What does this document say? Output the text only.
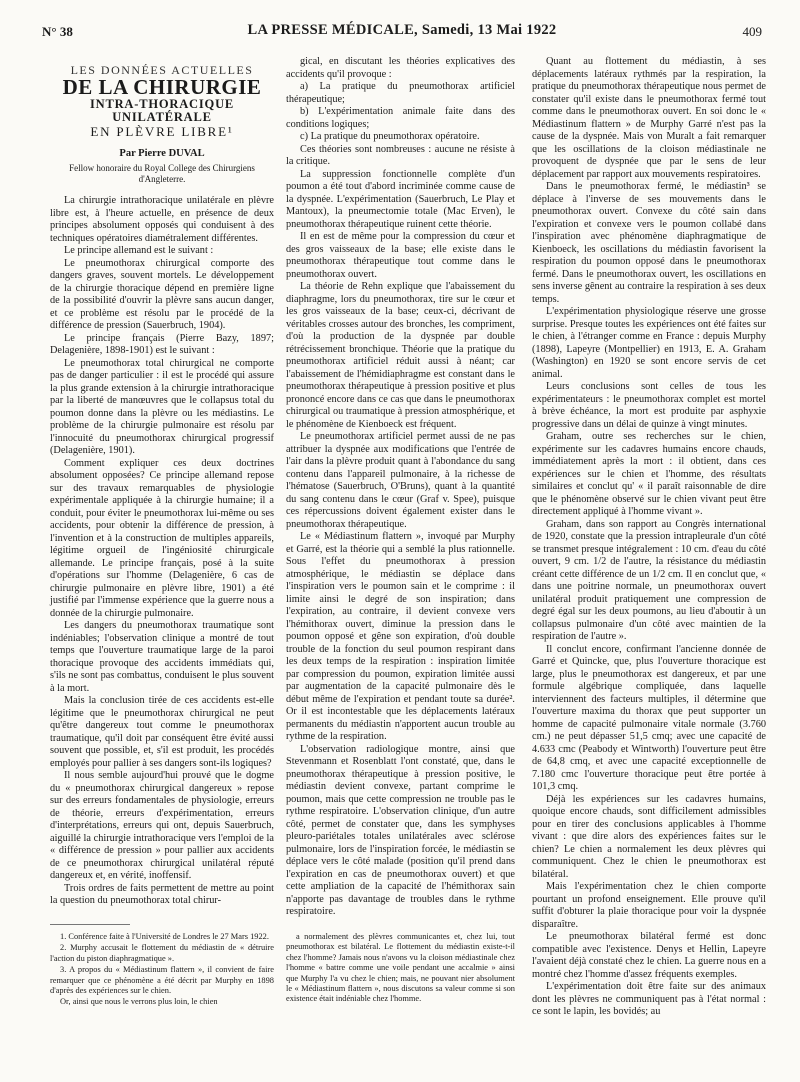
N° 38	LA PRESSE MÉDICALE, Samedi, 13 Mai 1922	409
LES DONNÉES ACTUELLES
DE LA CHIRURGIE
INTRA-THORACIQUE UNILATÉRALE
EN PLÈVRE LIBRE¹
Par Pierre DUVAL
Fellow honoraire du Royal College des Chirurgiens d'Angleterre.

La chirurgie intrathoracique unilatérale en plèvre libre est, à l'heure actuelle, en présence de deux principes absolument opposés qui conduisent à des techniques opératoires diamétralement différentes.

Le principe allemand est le suivant :

Le pneumothorax chirurgical comporte des dangers graves, souvent mortels. Le développement de la chirurgie thoracique dépend en première ligne de la possibilité d'ouvrir la plèvre sans aucun danger, et ce problème est résolu par le procédé de la différence de pression (Sauerbruch, 1904).

Le principe français (Pierre Bazy, 1897; Delagenière, 1898-1901) est le suivant :

Le pneumothorax total chirurgical ne comporte pas de danger particulier : il est le procédé qui assure la plus grande extension à la chirurgie intrathoracique par la liberté de manœuvres que le collapsus total du poumon donne dans la plèvre ou les médiastins. Le problème de la chirurgie pulmonaire est résolu par l'innocuité du pneumothorax chirurgical progressif (Delagenière, 1901).

Comment expliquer ces deux doctrines absolument opposées? Ce principe allemand repose sur des travaux remarquables de physiologie expérimentale appliquée à la chirurgie humaine; il a conduit, pour éviter le pneumothorax lui-même ou ses accidents, pour obtenir la différence de pression, à l'invention et à la construction de multiples appareils, légitime orgueil de l'ingéniosité chirurgicale allemande. Le principe français, posé à la suite d'opérations sur l'homme (Delagenière, 6 cas de chirurgie pulmonaire en plèvre libre, 1901) a été justifié par l'immense expérience que la guerre nous a donnée de la chirurgie pulmonaire.

Les dangers du pneumothorax traumatique sont indéniables; l'observation clinique a montré de tout temps que l'ouverture traumatique large de la paroi thoracique provoque des accidents immédiats qui, s'ils ne sont pas combattus, conduisent le plus souvent à la mort.

Mais la conclusion tirée de ces accidents est-elle légitime que le pneumothorax chirurgical ne peut qu'être dangereux tout comme le pneumothorax traumatique, qu'il doit par conséquent être évité aussi souvent que possible, et, s'il est produit, les procédés employés pour pallier à ses dangers sont-ils logiques?

Il nous semble aujourd'hui prouvé que le dogme du « pneumothorax chirurgical dangereux » repose sur des erreurs fondamentales de physiologie, erreurs de théorie, erreurs d'expérimentation, erreurs d'interprétations, erreurs qui ont, depuis Sauerbruch, aiguillé la chirurgie intrathoracique vers l'emploi de la « différence de pression » pour pallier aux accidents de ce pneumothorax chirurgical unilatéral réputé dangereux et, en vérité, inoffensif.

Trois ordres de faits permettent de mettre au point la question du pneumothorax total chirur-

gical, en discutant les théories explicatives des accidents qu'il provoque :

a) La pratique du pneumothorax artificiel thérapeutique;

b) L'expérimentation animale faite dans des conditions logiques;

c) La pratique du pneumothorax opératoire.

Ces théories sont nombreuses : aucune ne résiste à la critique.

La suppression fonctionnelle complète d'un poumon a été tout d'abord incriminée comme cause de la dyspnée. L'expérimentation (Sauerbruch, Le Play et Mantoux), la pneumectomie totale (Mac Erven), le pneumothorax thérapeutique ruinent cette théorie.

Il en est de même pour la compression du cœur et des gros vaisseaux de la base; elle existe dans le pneumothorax thérapeutique tout comme dans le pneumothorax ouvert.

La théorie de Rehn explique que l'abaissement du diaphragme, lors du pneumothorax, tire sur le cœur et les gros vaisseaux de la base; ceux-ci, décrivant de véritables crosses autour des bronches, les compriment, d'où la production de la dyspnée par double rétrécissement bronchique. Théorie que la pratique du pneumothorax artificiel réduit aussi à néant; car l'abaissement de l'hémidiaphragme est constant dans le pneumothorax thérapeutique à pression positive et plus prononcé encore dans ce cas que dans le pneumothorax chirurgical ou traumatique à pression atmosphérique, et le phénomène de Kienboeck est fréquent.

Le pneumothorax artificiel permet aussi de ne pas attribuer la dyspnée aux modifications que l'entrée de l'air dans la plèvre produit quant à l'abondance du sang contenu dans l'appareil pulmonaire, à la richesse de l'hématose (Sauerbruch, O'Bruns), quant à la quantité du sang contenu dans le cœur (Graf v. Spee), puisque ces répercussions doivent également exister dans le pneumothorax thérapeutique.

Le « Médiastinum flattern », invoqué par Murphy et Garré, est la théorie qui a semblé la plus rationnelle. Sous l'effet du pneumothorax à pression atmosphérique, le médiastin se déplace dans l'inspiration vers le poumon sain et le comprime : il limite ainsi le degré de son inspiration; dans l'expiration, au contraire, il devient convexe vers l'hémithorax ouvert, diminue la pression dans le poumon opposé et gêne son expiration, d'où double trouble de la fonction du seul poumon respirant dans les deux temps de la respiration : inspiration limitée par compression du poumon, expiration limitée aussi par augmentation de la capacité pulmonaire dès le début même de l'expiration et pendant toute sa durée². Or il est incontestable que les déplacements latéraux permanents du médiastin n'apportent aucun trouble au rythme de la respiration.

L'observation radiologique montre, ainsi que Stevenmann et Rosenblatt l'ont constaté, que, dans le pneumothorax thérapeutique à pression positive, le médiastin devient convexe, partant comprime le poumon, mais que cette compression ne trouble pas le rythme respiratoire. L'observation clinique, d'un autre côté, permet de constater que, dans les symphyses pleuro-pariétales totales unilatérales avec sclérose pulmonaire, lors de l'inspiration forcée, le médiastin se déplace vers le côté malade (position qu'il prend dans l'expiration en cas de pneumothorax ouvert) et que cette ampliation de la capacité de l'hémithorax sain n'apporte pas davantage de troubles dans le rythme respiratoire.

Quant au flottement du médiastin, à ses déplacements latéraux rythmés par la respiration, la pratique du pneumothorax thérapeutique nous permet de constater qu'il existe dans le pneumothorax fermé tout comme dans le pneumothorax ouvert. En soi donc le « Médiastinum flattern » de Murphy Garré n'est pas la cause de la dyspnée. Mais von Muralt a fait remarquer que les oscillations de la cloison médiastinale ne provoquent de dyspnée que par le sens de leur déplacement par rapport aux mouvements respiratoires.

Dans le pneumothorax fermé, le médiastin³ se déplace à l'inverse de ses mouvements dans le pneumothorax ouvert. Convexe du côté sain dans l'expiration et convexe vers le poumon collabé dans l'inspiration avec phénomène diaphragmatique de Kienboeck, les oscillations du médiastin favorisent la respiration du poumon opposé dans le pneumothorax fermé. Dans le pneumothorax ouvert, les oscillations en sens inverse gênent au contraire la respiration à ses deux temps.

L'expérimentation physiologique réserve une grosse surprise. Presque toutes les expériences ont été faites sur le chien, à l'étranger comme en France : depuis Murphy (1898), Lapeyre (Montpellier) en 1913, E. A. Graham (Washington) en 1920 se sont encore servis de cet animal.

Leurs conclusions sont celles de tous les expérimentateurs : le pneumothorax complet est mortel à brève échéance, la mort est produite par asphyxie progressive dans un délai de quinze à vingt minutes.

Graham, outre ses recherches sur le chien, expérimente sur les cadavres humains encore chauds, immédiatement après la mort : il obtient, dans ces expériences sur le chien et l'homme, des résultats similaires et conclut qu' « il paraît raisonnable de dire que le phénomène observé sur le chien vivant peut être directement appliqué à l'homme vivant ».

Graham, dans son rapport au Congrès international de 1920, constate que la pression intrapleurale d'un côté se transmet presque intégralement : 10 cm. d'eau du côté ouvert, 9 cm. 1/2 de l'autre, la résistance du médiastin créant cette différence de un 1/2 cm. Il en conclut que, « dans une poitrine normale, un pneumothorax ouvert unilatéral produit pratiquement une compression de degré égal sur les deux poumons, au lieu d'aboutir à un collapsus pulmonaire d'un côté avec maintien de la respiration de l'autre ».

Il conclut encore, confirmant l'ancienne donnée de Garré et Quincke, que, plus l'ouverture thoracique est large, plus le pneumothorax est dangereux, et par une formule algébrique compliquée, dans laquelle interviennent des facteurs multiples, il détermine que l'ouverture maxima du thorax que peut supporter un homme de capacité pulmonaire vitale normale (3.760 cm.) ne peut dépasser 51,5 cmq; avec une capacité de 4.633 cmc (Peabody et Wintworth) l'ouverture peut être de 64,8 cmq, et avec une capacité exceptionnelle de 7.180 cmc l'ouverture thoracique peut être portée à 101,3 cmq.

Déjà les expériences sur les cadavres humains, quoique encore chauds, sont difficilement admissibles pour en tirer des conclusions applicables à l'homme vivant : que dire alors des expériences faites sur le chien? Le chien a normalement les deux plèvres qui communiquent. Chez le chien le pneumothorax est bilatéral.

Mais l'expérimentation chez le chien comporte pourtant un profond enseignement. Elle prouve qu'il suffit d'obturer la plaie thoracique pour voir la dyspnée disparaître.

Le pneumothorax bilatéral fermé est donc compatible avec l'existence. Denys et Hellin, Lapeyre l'avaient déjà constaté chez le chien. La guerre nous en a montré chez l'homme d'assez fréquents exemples.

L'expérimentation doit être faite sur des animaux dont les plèvres ne communiquent pas à l'état normal : ce sont le lapin, les bovidés; au

1. Conférence faite à l'Université de Londres le 27 Mars 1922.

2. Murphy accusait le flottement du médiastin de « détruire l'action du piston diaphragmatique ».

3. A propos du « Médiastinum flattern », il convient de faire remarquer que ce phénomène a été décrit par Murphy en 1898 d'après des expériences sur le chien.

Or, ainsi que nous le verrons plus loin, le chien

a normalement des plèvres communicantes et, chez lui, tout pneumothorax est bilatéral. Le flottement du médiastin existe-t-il chez l'homme? Jamais nous n'avons vu la cloison médiastinale chez l'homme « battre comme une voile pendant une accalmie » ainsi que Murphy l'a vu chez le chien; mais, ne pouvant nier absolument le « Médiastinum flattern », nous discutons sa valeur comme si son existence était indéniable chez l'homme.
